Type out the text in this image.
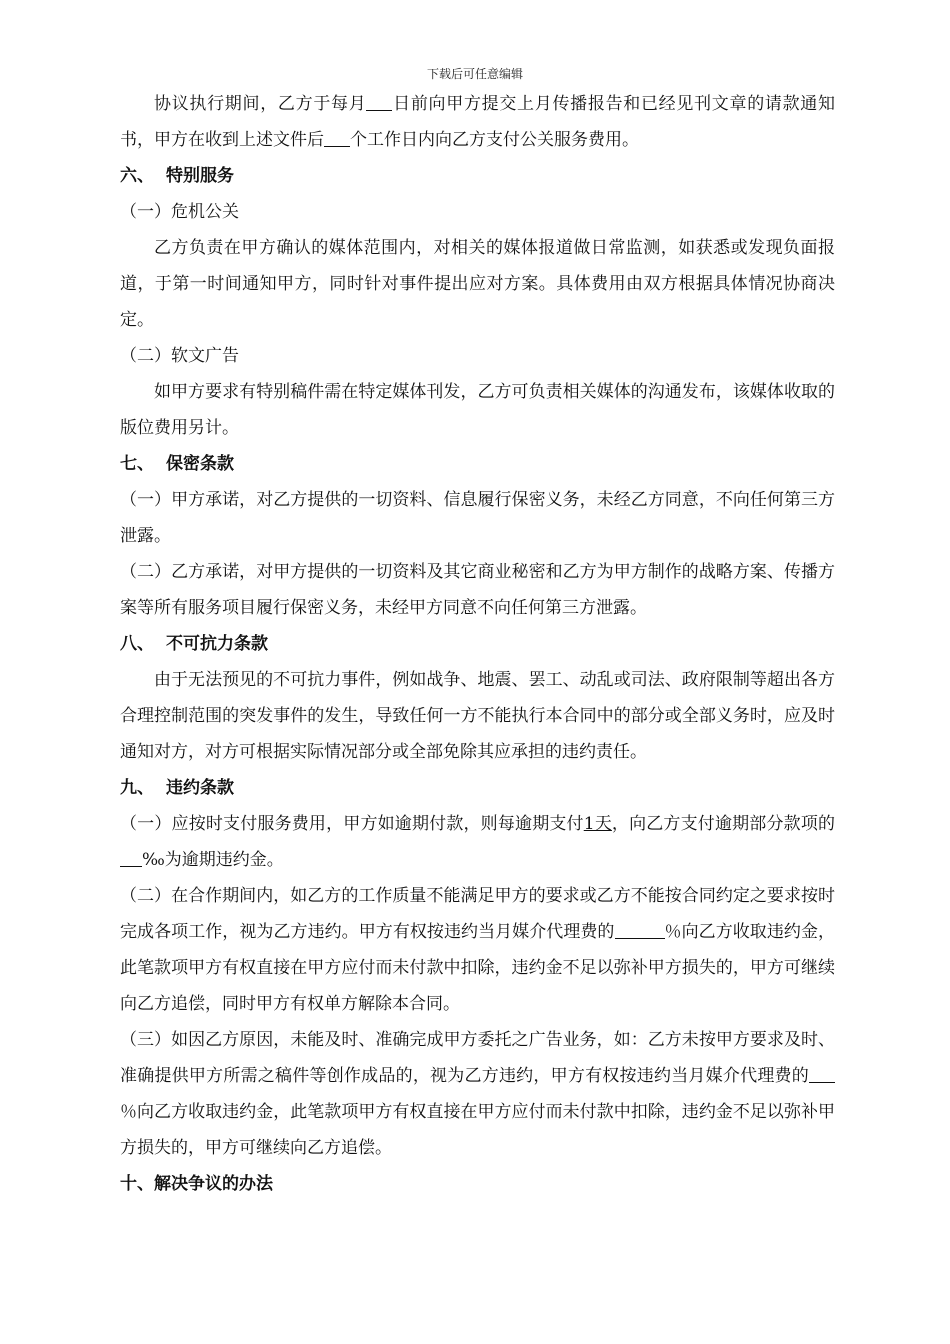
下载后可任意编辑

协议执行期间，乙方于每月 日前向甲方提交上月传播报告和已经见刊文章的请款通知书，甲方在收到上述文件后 个工作日内向乙方支付公关服务费用。

六、 特别服务

（一）危机公关

乙方负责在甲方确认的媒体范围内，对相关的媒体报道做日常监测，如获悉或发现负面报道，于第一时间通知甲方，同时针对事件提出应对方案。具体费用由双方根据具体情况协商决定。

（二）软文广告

如甲方要求有特别稿件需在特定媒体刊发，乙方可负责相关媒体的沟通发布，该媒体收取的版位费用另计。

七、 保密条款

（一）甲方承诺，对乙方提供的一切资料、信息履行保密义务，未经乙方同意，不向任何第三方泄露。

（二）乙方承诺，对甲方提供的一切资料及其它商业秘密和乙方为甲方制作的战略方案、传播方案等所有服务项目履行保密义务，未经甲方同意不向任何第三方泄露。

八、 不可抗力条款

由于无法预见的不可抗力事件，例如战争、地震、罢工、动乱或司法、政府限制等超出各方合理控制范围的突发事件的发生，导致任何一方不能执行本合同中的部分或全部义务时，应及时通知对方，对方可根据实际情况部分或全部免除其应承担的违约责任。

九、 违约条款

（一）应按时支付服务费用，甲方如逾期付款，则每逾期支付1天，向乙方支付逾期部分款项的‰为逾期违约金。

（二）在合作期间内，如乙方的工作质量不能满足甲方的要求或乙方不能按合同约定之要求按时完成各项工作，视为乙方违约。甲方有权按违约当月媒介代理费的	％向乙方收取违约金，此笔款项甲方有权直接在甲方应付而未付款中扣除，违约金不足以弥补甲方损失的，甲方可继续向乙方追偿，同时甲方有权单方解除本合同。

（三）如因乙方原因，未能及时、准确完成甲方委托之广告业务，如：乙方未按甲方要求及时、准确提供甲方所需之稿件等创作成品的，视为乙方违约，甲方有权按违约当月媒介代理费的％向乙方收取违约金，此笔款项甲方有权直接在甲方应付而未付款中扣除，违约金不足以弥补甲方损失的，甲方可继续向乙方追偿。

十、解决争议的办法
